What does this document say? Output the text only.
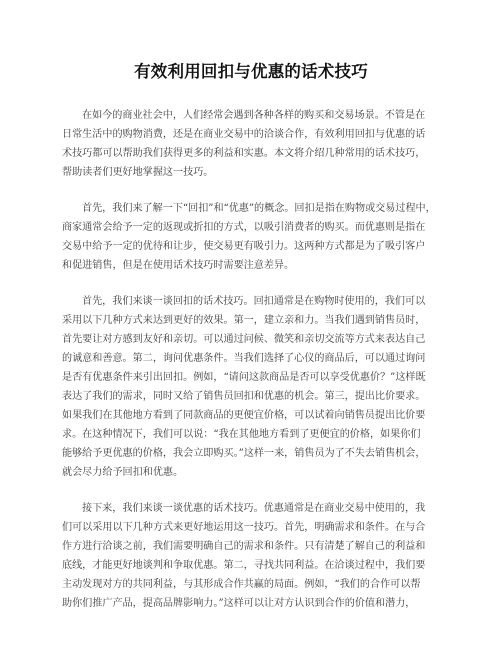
有效利用回扣与优惠的话术技巧
在如今的商业社会中，人们经常会遇到各种各样的购买和交易场景。不管是在
日常生活中的购物消费，还是在商业交易中的洽谈合作，有效利用回扣与优惠的话
术技巧都可以帮助我们获得更多的利益和实惠。本文将介绍几种常用的话术技巧，
帮助读者们更好地掌握这一技巧。
首先，我们来了解一下“回扣”和“优惠”的概念。回扣是指在购物或交易过程中，
商家通常会给予一定的返现或折扣的方式，以吸引消费者的购买。而优惠则是指在
交易中给予一定的优待和让步，使交易更有吸引力。这两种方式都是为了吸引客户
和促进销售，但是在使用话术技巧时需要注意差异。
首先，我们来谈一谈回扣的话术技巧。回扣通常是在购物时使用的，我们可以
采用以下几种方式来达到更好的效果。第一，建立亲和力。当我们遇到销售员时，
首先要让对方感到友好和亲切。可以通过问候、微笑和亲切交流等方式来表达自己
的诚意和善意。第二，询问优惠条件。当我们选择了心仪的商品后，可以通过询问
是否有优惠条件来引出回扣。例如，“请问这款商品是否可以享受优惠价？”这样既
表达了我们的需求，同时又给了销售员回扣和优惠的机会。第三，提出比价要求。
如果我们在其他地方看到了同款商品的更便宜价格，可以试着向销售员提出比价要
求。在这种情况下，我们可以说：“我在其他地方看到了更便宜的价格，如果你们
能够给予更优惠的价格，我会立即购买。”这样一来，销售员为了不失去销售机会，
就会尽力给予回扣和优惠。
接下来，我们来谈一谈优惠的话术技巧。优惠通常是在商业交易中使用的，我
们可以采用以下几种方式来更好地运用这一技巧。首先，明确需求和条件。在与合
作方进行洽谈之前，我们需要明确自己的需求和条件。只有清楚了解自己的利益和
底线，才能更好地谈判和争取优惠。第二，寻找共同利益。在洽谈过程中，我们要
主动发现对方的共同利益，与其形成合作共赢的局面。例如，“我们的合作可以帮
助你们推广产品，提高品牌影响力。”这样可以让对方认识到合作的价值和潜力，
